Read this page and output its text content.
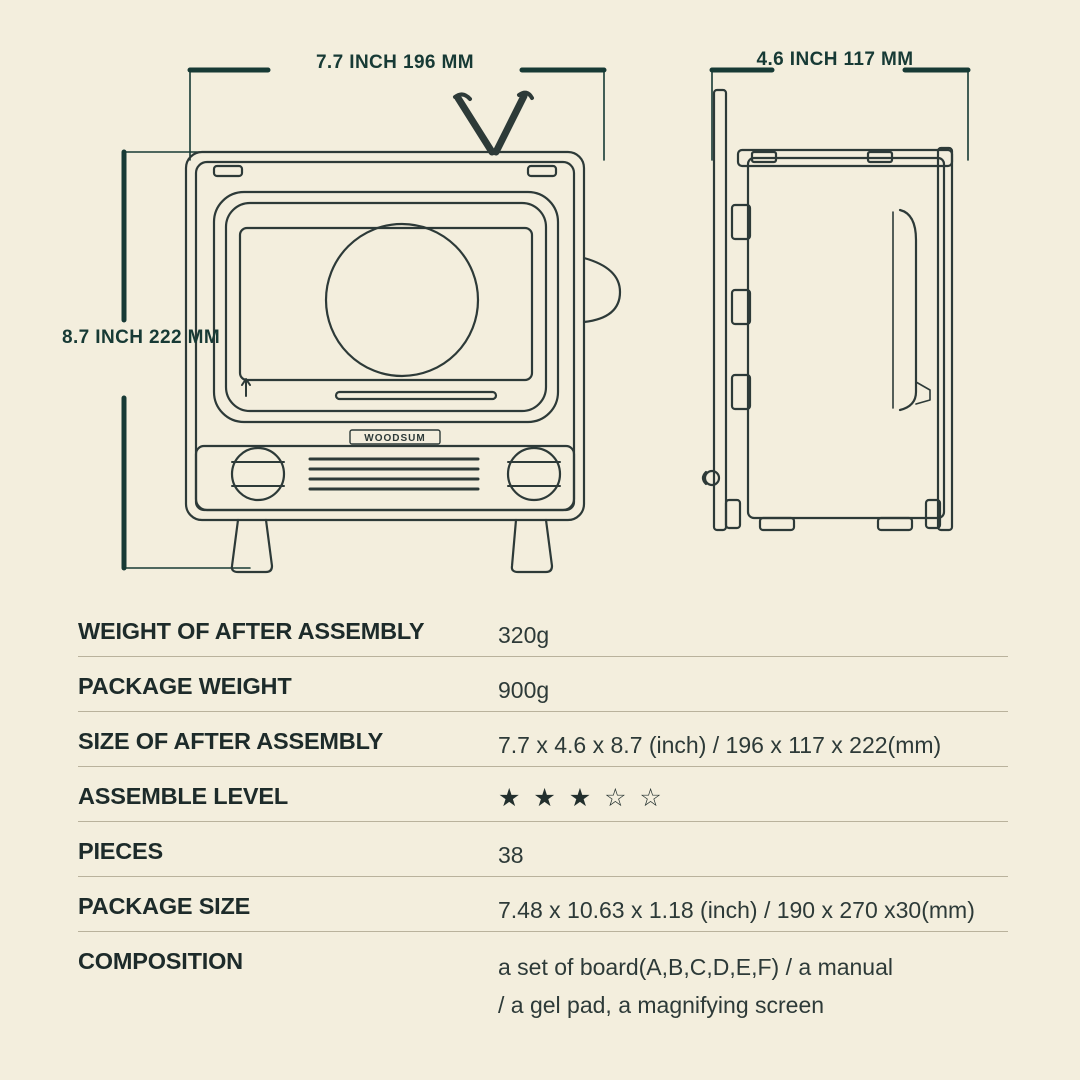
WOODSUM
7.7 INCH 196 MM	4.6 INCH 117 MM
8.7 INCH 222 MM
WEIGHT OF AFTER ASSEMBLY	320g
PACKAGE WEIGHT	900g
SIZE OF AFTER ASSEMBLY	7.7 x 4.6 x 8.7 (inch) / 196 x 117 x 222(mm)
ASSEMBLE LEVEL	★ ★ ★ ☆ ☆
PIECES	38
PACKAGE SIZE	7.48 x 10.63 x 1.18 (inch) / 190 x 270 x30(mm)
COMPOSITION	a set of board(A,B,C,D,E,F) / a manual
/ a gel pad, a magnifying screen
